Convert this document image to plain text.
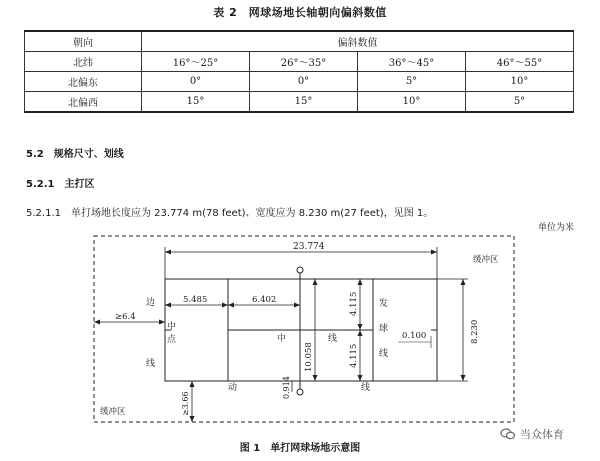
表 2　网球场地长轴朝向偏斜数值
朝向	偏斜数值			
北纬	16°～25°	26°～35°	36°～45°	46°～55°
北偏东	0°	0°	5°	10°
北偏西	15°	15°	10°	5°
5.2　规格尺寸、划线
5.2.1　主打区
5.2.1.1　单打场地长度应为 23.774 m(78 feet)、宽度应为 8.230 m(27 feet)，见图 1。
单位为米
23.774
5.485	6.402
≥6.4
4.115
4.115
10.058
8.230
0.100
0.914
≥3.66
边
线
中
点	中	线
动	线
发
球
线
缓冲区
缓冲区
图 1　单打网球场地示意图
当众体育
